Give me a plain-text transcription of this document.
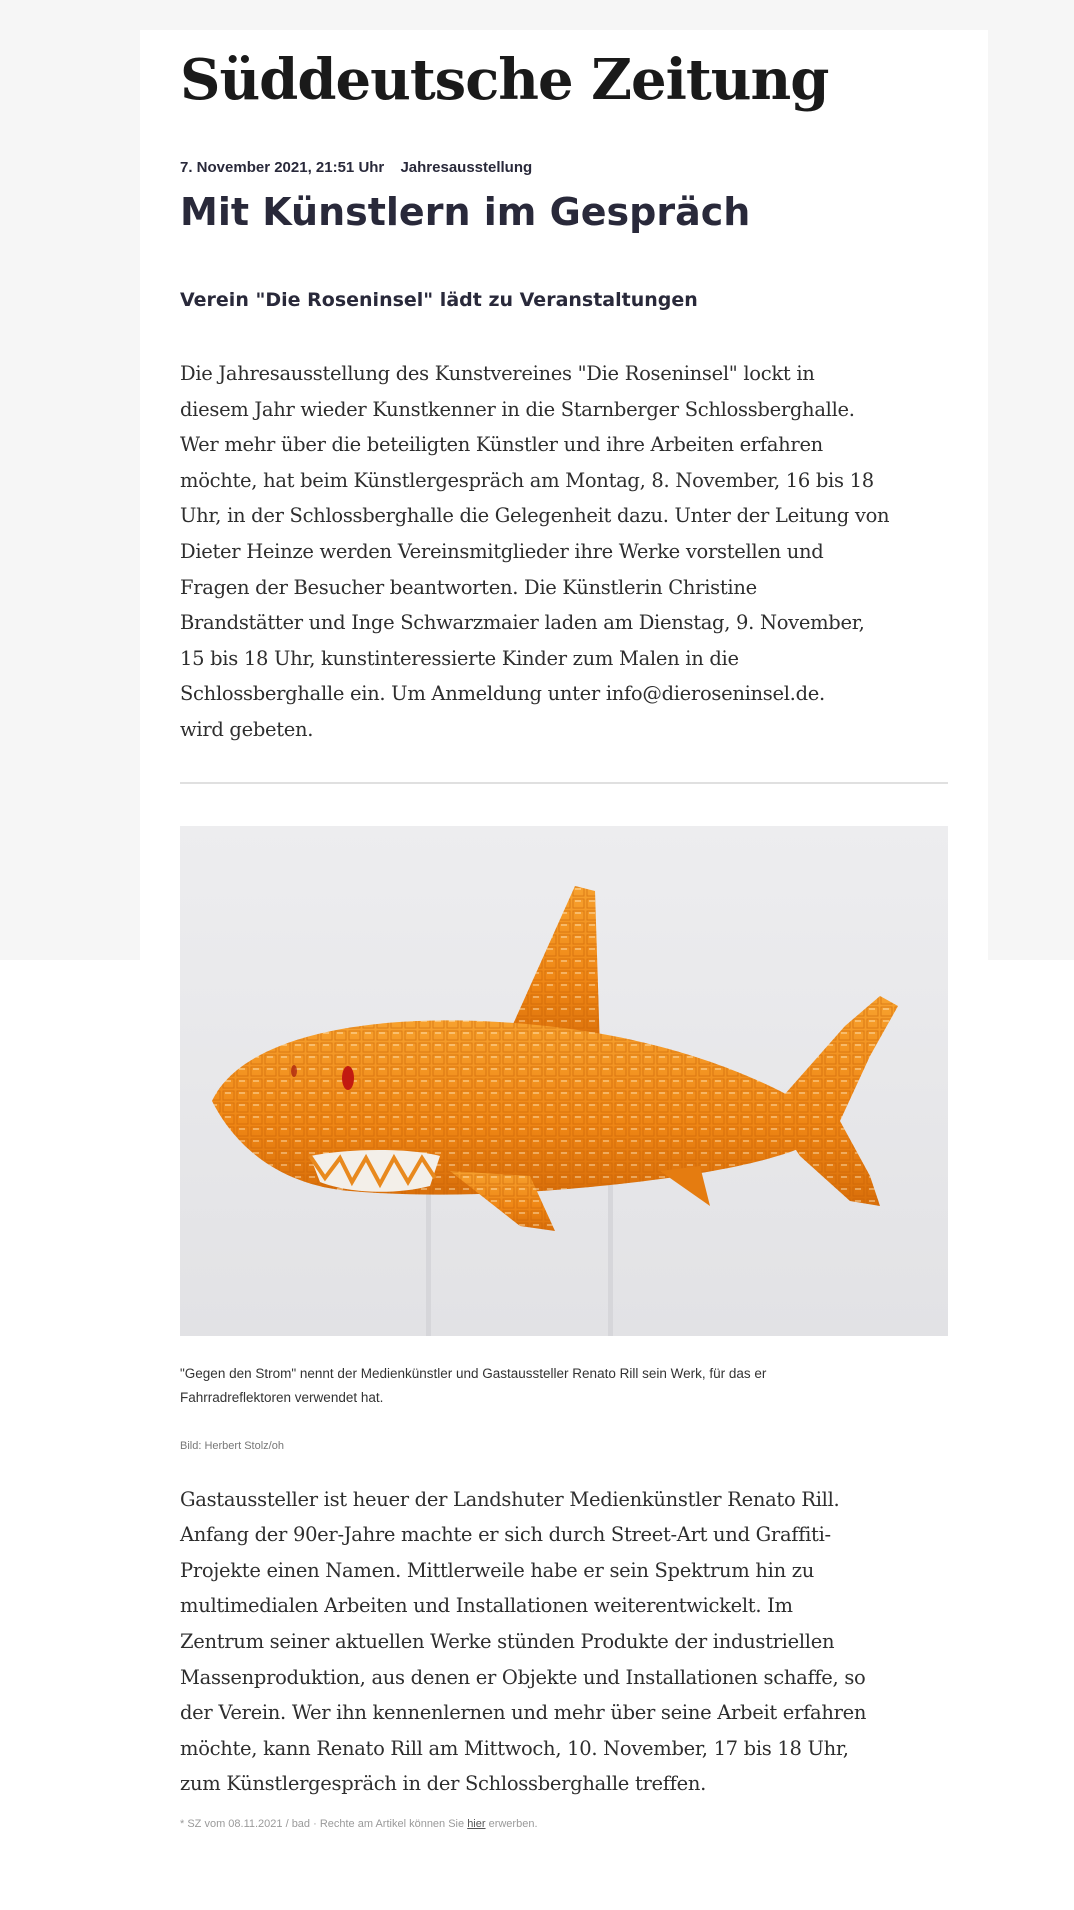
Süddeutsche Zeitung
7. November 2021, 21:51 Uhr Jahresausstellung
Mit Künstlern im Gespräch
Verein "Die Roseninsel" lädt zu Veranstaltungen
Die Jahresausstellung des Kunstvereines "Die Roseninsel" lockt in
diesem Jahr wieder Kunstkenner in die Starnberger Schlossberghalle.
Wer mehr über die beteiligten Künstler und ihre Arbeiten erfahren
möchte, hat beim Künstlergespräch am Montag, 8. November, 16 bis 18
Uhr, in der Schlossberghalle die Gelegenheit dazu. Unter der Leitung von
Dieter Heinze werden Vereinsmitglieder ihre Werke vorstellen und
Fragen der Besucher beantworten. Die Künstlerin Christine
Brandstätter und Inge Schwarzmaier laden am Dienstag, 9. November,
15 bis 18 Uhr, kunstinteressierte Kinder zum Malen in die
Schlossberghalle ein. Um Anmeldung unter info@dieroseninsel.de.
wird gebeten.
"Gegen den Strom" nennt der Medienkünstler und Gastaussteller Renato Rill sein Werk, für das er
Fahrradreflektoren verwendet hat.
Bild: Herbert Stolz/oh
Gastaussteller ist heuer der Landshuter Medienkünstler Renato Rill.
Anfang der 90er-Jahre machte er sich durch Street-Art und Graffiti-
Projekte einen Namen. Mittlerweile habe er sein Spektrum hin zu
multimedialen Arbeiten und Installationen weiterentwickelt. Im
Zentrum seiner aktuellen Werke stünden Produkte der industriellen
Massenproduktion, aus denen er Objekte und Installationen schaffe, so
der Verein. Wer ihn kennenlernen und mehr über seine Arbeit erfahren
möchte, kann Renato Rill am Mittwoch, 10. November, 17 bis 18 Uhr,
zum Künstlergespräch in der Schlossberghalle treffen.
* SZ vom 08.11.2021 / bad · Rechte am Artikel können Sie hier erwerben.
